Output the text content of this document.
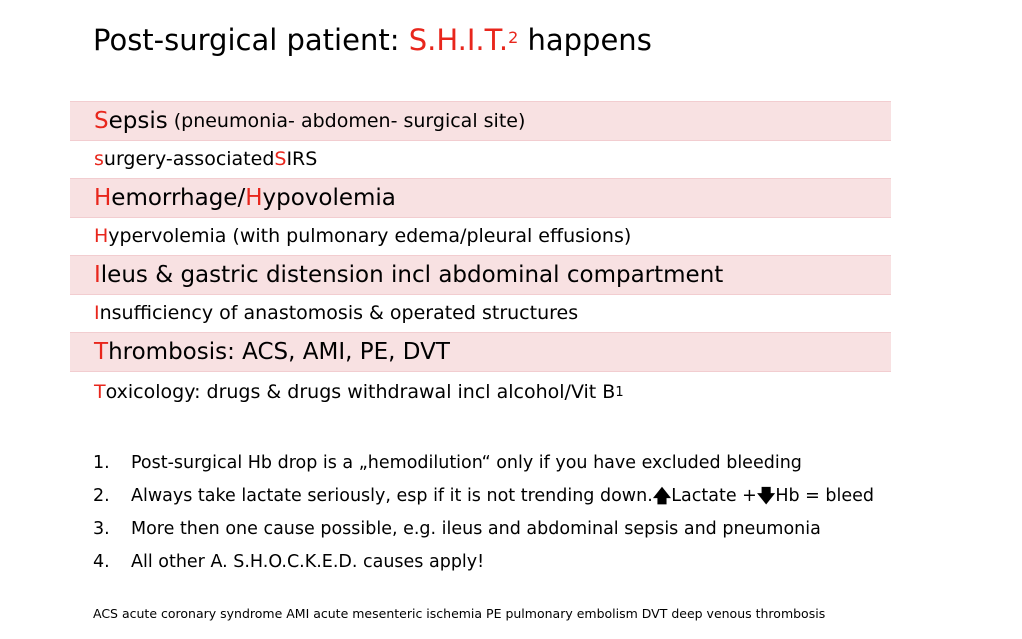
Post-surgical patient: S.H.I.T.$^2$ happens
S epsis (pneumonia- abdomen- surgical site)
s urgery-associated S IRS
H emorrhage/ H ypovolemia
H ypervolemia (with pulmonary edema/pleural effusions)
I leus & gastric distension incl abdominal compartment
I nsufficiency of anastomosis & operated structures
T hrombosis: ACS, AMI, PE, DVT
T oxicology: drugs & drugs withdrawal incl alcohol/Vit B 1
1.	Post-surgical Hb drop is a „hemodilution“ only if you have excluded bleeding
2.	Always take lactate seriously, esp if it is not trending down. 🡅 Lactate + 🡇 Hb = bleed
3.	More then one cause possible, e.g. ileus and abdominal sepsis and pneumonia
4.	All other A. S.H.O.C.K.E.D. causes apply!
ACS acute coronary syndrome AMI acute mesenteric ischemia PE pulmonary embolism DVT deep venous thrombosis
